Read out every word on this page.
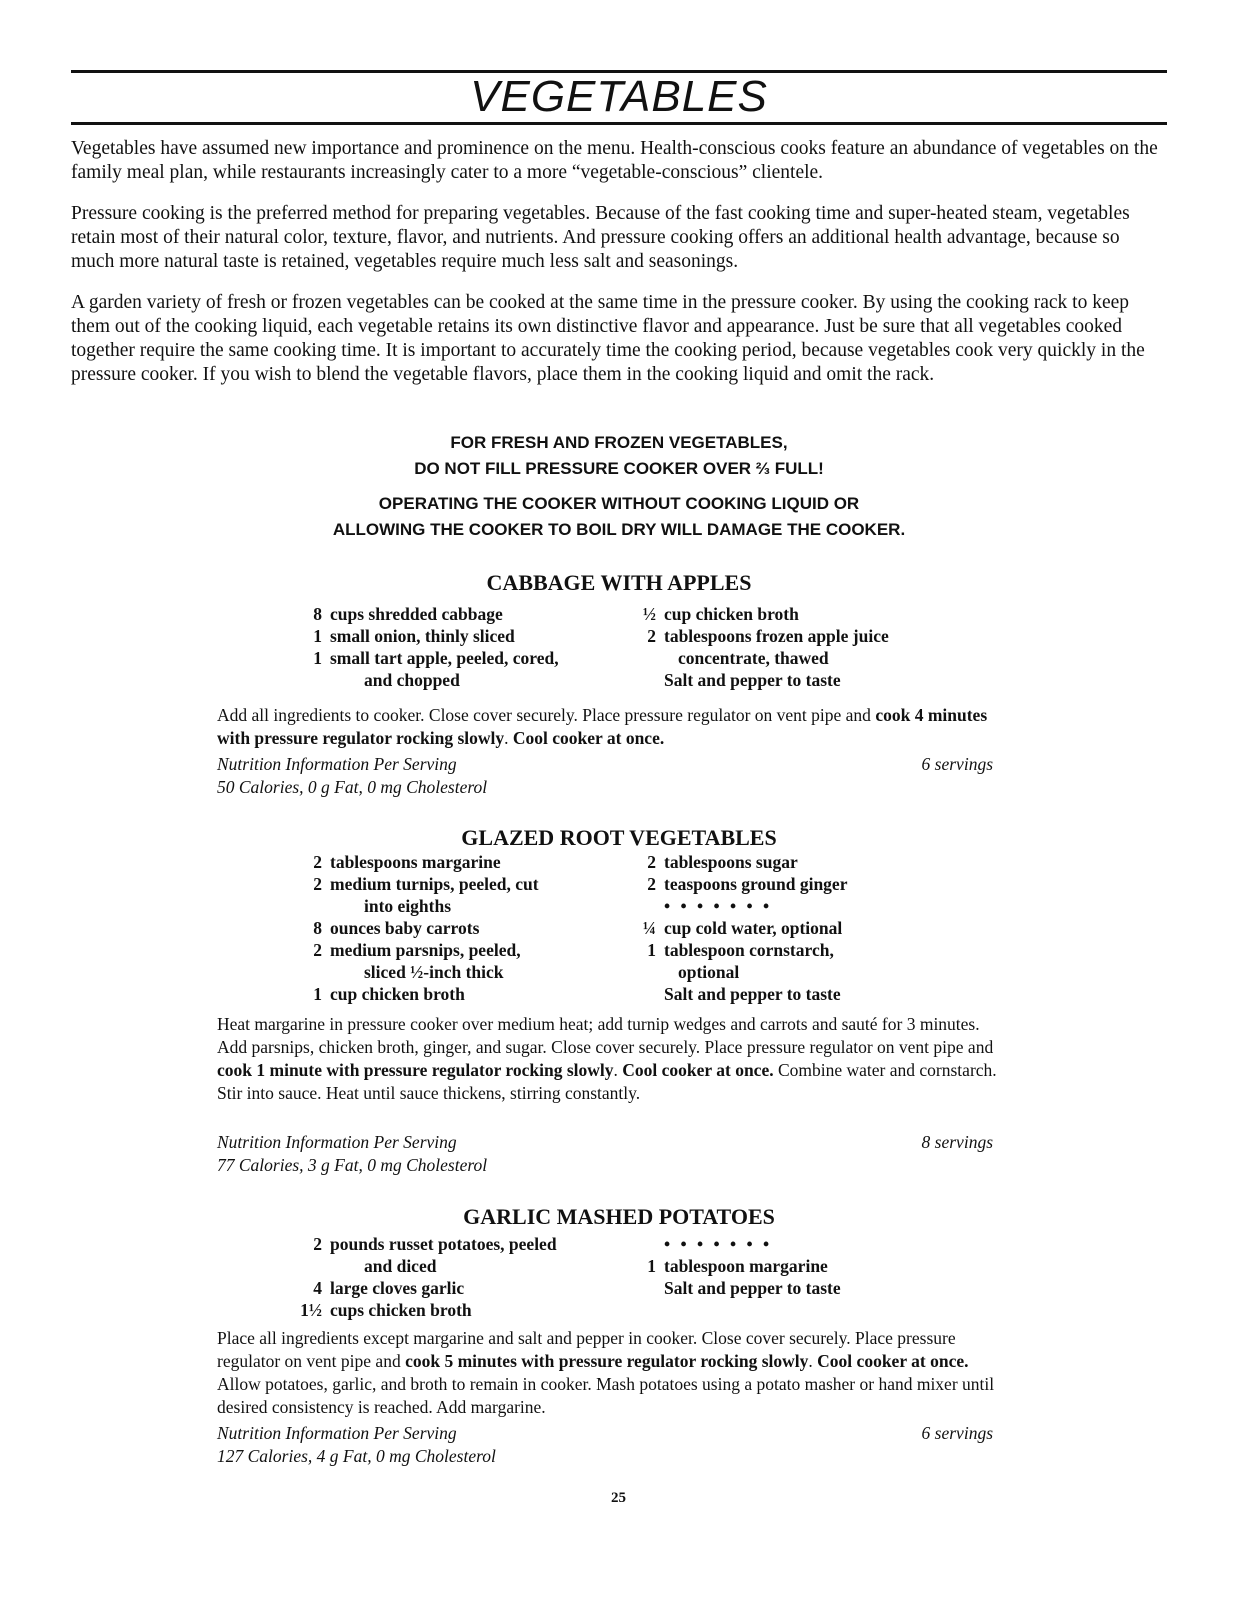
VEGETABLES

Vegetables have assumed new importance and prominence on the menu. Health-conscious cooks feature an abundance of vegetables on the family meal plan, while restaurants increasingly cater to a more “vegetable-conscious” clientele.

Pressure cooking is the preferred method for preparing vegetables. Because of the fast cooking time and super-heated steam, vegetables retain most of their natural color, texture, flavor, and nutrients. And pressure cooking offers an additional health advantage, because so much more natural taste is retained, vegetables require much less salt and seasonings.

A garden variety of fresh or frozen vegetables can be cooked at the same time in the pressure cooker. By using the cooking rack to keep them out of the cooking liquid, each vegetable retains its own distinctive flavor and appearance. Just be sure that all vegetables cooked together require the same cooking time. It is important to accurately time the cooking period, because vegetables cook very quickly in the pressure cooker. If you wish to blend the vegetable flavors, place them in the cooking liquid and omit the rack.

FOR FRESH AND FROZEN VEGETABLES,
DO NOT FILL PRESSURE COOKER OVER ⅔ FULL!
OPERATING THE COOKER WITHOUT COOKING LIQUID OR
ALLOWING THE COOKER TO BOIL DRY WILL DAMAGE THE COOKER.
CABBAGE WITH APPLES
8 cups shredded cabbage
1 small onion, thinly sliced
1 small tart apple, peeled, cored,
and chopped
½ cup chicken broth
2 tablespoons frozen apple juice
concentrate, thawed
Salt and pepper to taste

Add all ingredients to cooker. Close cover securely. Place pressure regulator on vent pipe and cook 4 minutes with pressure regulator rocking slowly. Cool cooker at once.

Nutrition Information Per Serving
50 Calories, 0 g Fat, 0 mg Cholesterol
6 servings
GLAZED ROOT VEGETABLES
2 tablespoons margarine
2 medium turnips, peeled, cut
into eighths
8 ounces baby carrots
2 medium parsnips, peeled,
sliced ½-inch thick
1 cup chicken broth
2 tablespoons sugar
2 teaspoons ground ginger
• • • • • • •
¼ cup cold water, optional
1 tablespoon cornstarch,
optional
Salt and pepper to taste

Heat margarine in pressure cooker over medium heat; add turnip wedges and carrots and sauté for 3 minutes. Add parsnips, chicken broth, ginger, and sugar. Close cover securely. Place pressure regulator on vent pipe and cook 1 minute with pressure regulator rocking slowly. Cool cooker at once. Combine water and cornstarch. Stir into sauce. Heat until sauce thickens, stirring constantly.

Nutrition Information Per Serving
77 Calories, 3 g Fat, 0 mg Cholesterol
8 servings
GARLIC MASHED POTATOES
2 pounds russet potatoes, peeled
and diced
4 large cloves garlic
1½ cups chicken broth
• • • • • • •
1 tablespoon margarine
Salt and pepper to taste

Place all ingredients except margarine and salt and pepper in cooker. Close cover securely. Place pressure regulator on vent pipe and cook 5 minutes with pressure regulator rocking slowly. Cool cooker at once. Allow potatoes, garlic, and broth to remain in cooker. Mash potatoes using a potato masher or hand mixer until desired consistency is reached. Add margarine.

Nutrition Information Per Serving
127 Calories, 4 g Fat, 0 mg Cholesterol
6 servings
25
